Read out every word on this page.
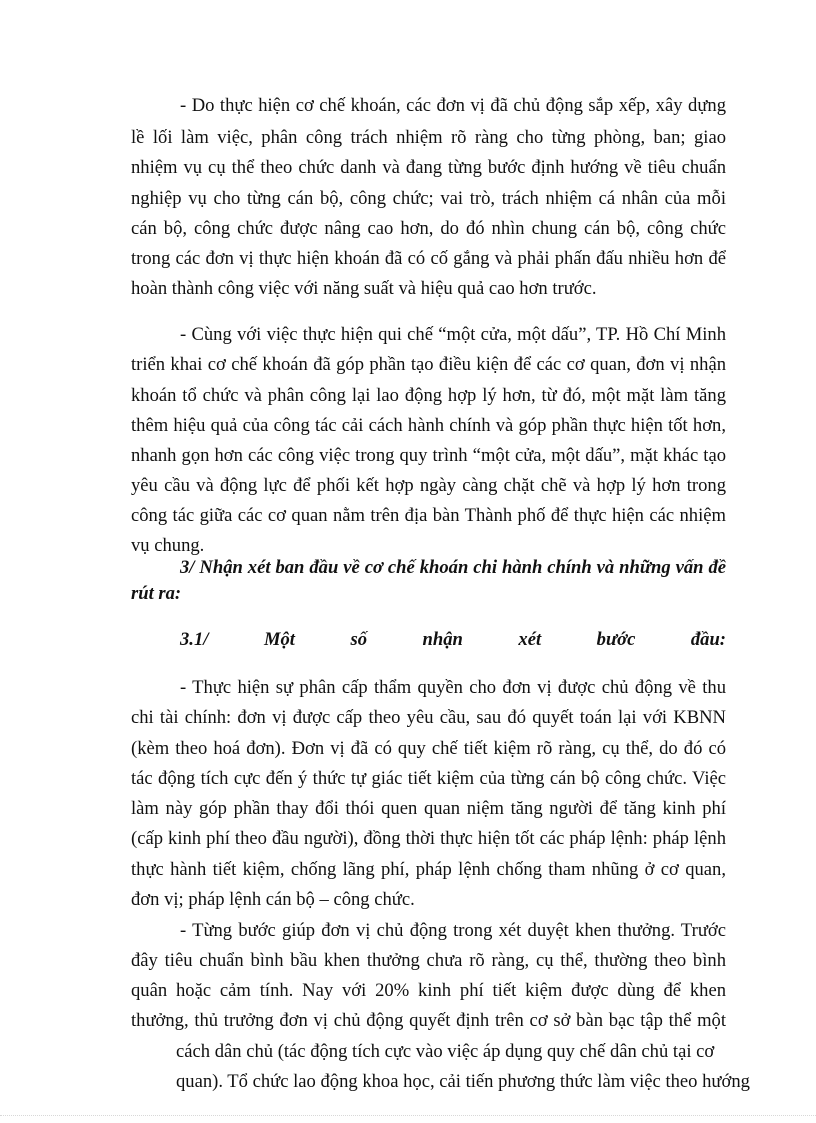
- Do thực hiện cơ chế khoán, các đơn vị đã chủ động sắp xếp, xây dựng
lề lối làm việc, phân công trách nhiệm rõ ràng cho từng phòng, ban; giao
nhiệm vụ cụ thể theo chức danh và đang từng bước định hướng về tiêu chuẩn
nghiệp vụ cho từng cán bộ, công chức; vai trò, trách nhiệm cá nhân của mỗi
cán bộ, công chức được nâng cao hơn, do đó nhìn chung cán bộ, công chức
trong các đơn vị thực hiện khoán đã có cố gắng và phải phấn đấu nhiều hơn để
hoàn thành công việc với năng suất và hiệu quả cao hơn trước.
- Cùng với việc thực hiện qui chế “một cửa, một dấu”, TP. Hồ Chí Minh
triển khai cơ chế khoán đã góp phần tạo điều kiện để các cơ quan, đơn vị nhận
khoán tổ chức và phân công lại lao động hợp lý hơn, từ đó, một mặt làm tăng
thêm hiệu quả của công tác cải cách hành chính và góp phần thực hiện tốt hơn,
nhanh gọn hơn các công việc trong quy trình “một cửa, một dấu”, mặt khác tạo
yêu cầu và động lực để phối kết hợp ngày càng chặt chẽ và hợp lý hơn trong
công tác giữa các cơ quan nằm trên địa bàn Thành phố để thực hiện các nhiệm
vụ chung.
3/ Nhận xét ban đầu về cơ chế khoán chi hành chính và những vấn đề
rút ra:
3.1/ Một số nhận xét bước đầu:
- Thực hiện sự phân cấp thẩm quyền cho đơn vị được chủ động về thu
chi tài chính: đơn vị được cấp theo yêu cầu, sau đó quyết toán lại với KBNN
(kèm theo hoá đơn). Đơn vị đã có quy chế tiết kiệm rõ ràng, cụ thể, do đó có
tác động tích cực đến ý thức tự giác tiết kiệm của từng cán bộ công chức. Việc
làm này góp phần thay đổi thói quen quan niệm tăng người để tăng kinh phí
(cấp kinh phí theo đầu người), đồng thời thực hiện tốt các pháp lệnh: pháp lệnh
thực hành tiết kiệm, chống lãng phí, pháp lệnh chống tham nhũng ở cơ quan,
đơn vị; pháp lệnh cán bộ – công chức.
- Từng bước giúp đơn vị chủ động trong xét duyệt khen thưởng. Trước
đây tiêu chuẩn bình bầu khen thưởng chưa rõ ràng, cụ thể, thường theo bình
quân hoặc cảm tính. Nay với 20% kinh phí tiết kiệm được dùng để khen
thưởng, thủ trưởng đơn vị chủ động quyết định trên cơ sở bàn bạc tập thể một
cách dân chủ (tác động tích cực vào việc áp dụng quy chế dân chủ tại cơ
quan). Tổ chức lao động khoa học, cải tiến phương thức làm việc theo hướng
